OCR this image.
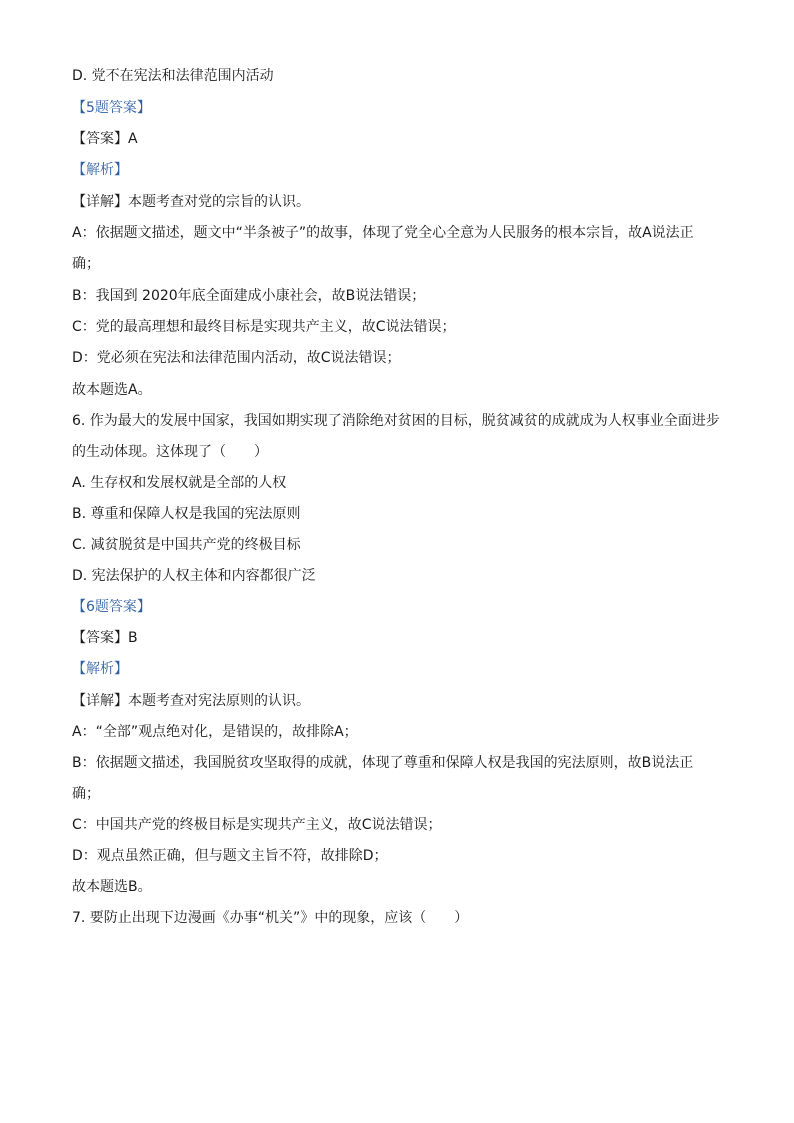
D. 党不在宪法和法律范围内活动
【5题答案】
【答案】A
【解析】
【详解】本题考查对党的宗旨的认识。
A：依据题文描述，题文中“半条被子”的故事，体现了党全心全意为人民服务的根本宗旨，故A说法正
确；
B：我国到 2020年底全面建成小康社会，故B说法错误；
C：党的最高理想和最终目标是实现共产主义，故C说法错误；
D：党必须在宪法和法律范围内活动，故C说法错误；
故本题选A。
6. 作为最大的发展中国家，我国如期实现了消除绝对贫困的目标，脱贫减贫的成就成为人权事业全面进步
的生动体现。这体现了（　　）
A. 生存权和发展权就是全部的人权
B. 尊重和保障人权是我国的宪法原则
C. 减贫脱贫是中国共产党的终极目标
D. 宪法保护的人权主体和内容都很广泛
【6题答案】
【答案】B
【解析】
【详解】本题考查对宪法原则的认识。
A：“全部”观点绝对化，是错误的，故排除A；
B：依据题文描述，我国脱贫攻坚取得的成就，体现了尊重和保障人权是我国的宪法原则，故B说法正
确；
C：中国共产党的终极目标是实现共产主义，故C说法错误；
D：观点虽然正确，但与题文主旨不符，故排除D；
故本题选B。
7. 要防止出现下边漫画《办事“机关”》中的现象，应该（　　）
